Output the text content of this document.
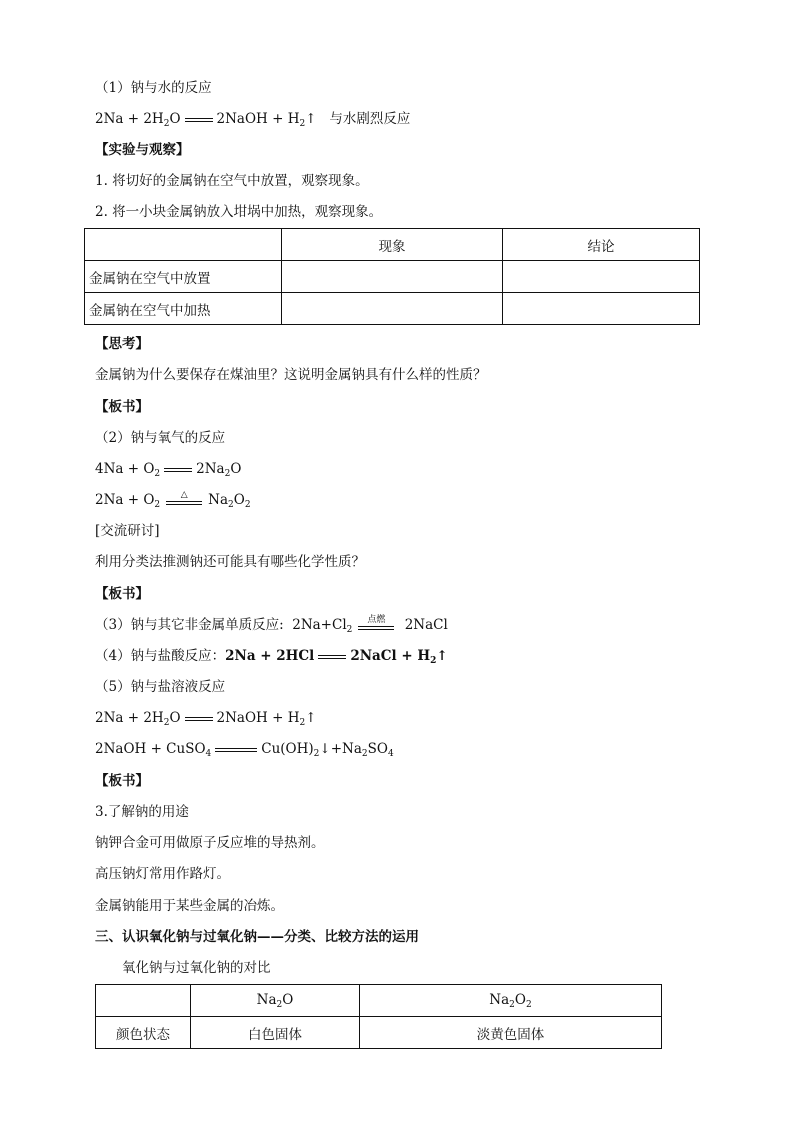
（1）钠与水的反应
$2Na + 2H_2O$	2NaOH + $H_2↑$ 与水剧烈反应
【实验与观察】
1. 将切好的金属钠在空气中放置，观察现象。
2. 将一小块金属钠放入坩埚中加热，观察现象。
	现象	结论
金属钠在空气中放置		
金属钠在空气中加热		
【思考】
金属钠为什么要保存在煤油里？这说明金属钠具有什么样的性质？
【板书】
（2）钠与氧气的反应
$4Na + O_2$	$2Na_2O$
$2Na + O_2$
△	$Na_2O_2$
[交流研讨]
利用分类法推测钠还可能具有哪些化学性质？
【板书】
（3）钠与其它非金属单质反应: $2Na+Cl_2$
点燃	2NaCl
（4）钠与盐酸反应：2Na + 2HCl	2NaCl + $H_2↑$
（5）钠与盐溶液反应
$2Na + 2H_2O$	2NaOH + $H_2↑$
2NaOH + CuSO$_4$	$Cu(OH)_2↓+Na_2SO_4$
【板书】
3.了解钠的用途
钠钾合金可用做原子反应堆的导热剂。
高压钠灯常用作路灯。
金属钠能用于某些金属的冶炼。
三、认识氧化钠与过氧化钠——分类、比较方法的运用
氧化钠与过氧化钠的对比
	$Na_2O$	$Na_2O_2$
颜色状态	白色固体	淡黄色固体
